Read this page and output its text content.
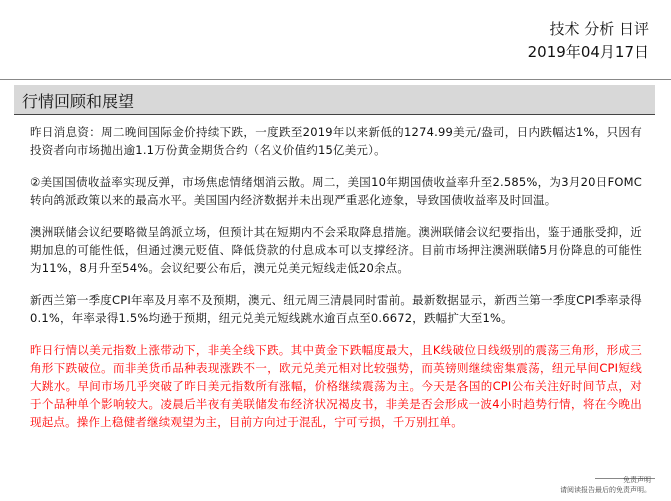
技术 分析 日评
2019年04月17日
行情回顾和展望

昨日消息资：周二晚间国际金价持续下跌，一度跌至2019年以来新低的1274.99美元/盎司，日内跌幅达1%，只因有投资者向市场抛出逾1.1万份黄金期货合约（名义价值约15亿美元）。

②美国国债收益率实现反弹，市场焦虑情绪烟消云散。周二，美国10年期国债收益率升至2.585%，为3月20日FOMC转向鸽派政策以来的最高水平。美国国内经济数据并未出现严重恶化迹象，导致国债收益率及时回温。

澳洲联储会议纪要略微呈鸽派立场，但预计其在短期内不会采取降息措施。澳洲联储会议纪要指出，鉴于通胀受抑，近期加息的可能性低，但通过澳元贬值、降低贷款的付息成本可以支撑经济。目前市场押注澳洲联储5月份降息的可能性为11%，8月升至54%。会议纪要公布后，澳元兑美元短线走低20余点。

新西兰第一季度CPI年率及月率不及预期，澳元、纽元周三清晨同时雷前。最新数据显示，新西兰第一季度CPI季率录得0.1%，年率录得1.5%均逊于预期，纽元兑美元短线跳水逾百点至0.6672，跌幅扩大至1%。

昨日行情以美元指数上涨带动下，非美全线下跌。其中黄金下跌幅度最大，且K线破位日线级别的震荡三角形，形成三角形下跌破位。而非美货币品种表现涨跌不一，欧元兑美元相对比较强势，而英镑则继续密集震荡，纽元早间CPI短线大跳水。早间市场几乎突破了昨日美元指数所有涨幅，价格继续震荡为主。今天是各国的CPI公布关注好时间节点，对于个品种单个影响较大。凌晨后半夜有美联储发布经济状况褐皮书，非美是否会形成一波4小时趋势行情，将在今晚出现起点。操作上稳健者继续观望为主，目前方向过于混乱，宁可亏损，千万别扛单。

免责声明
请阅读报告最后的免责声明。
